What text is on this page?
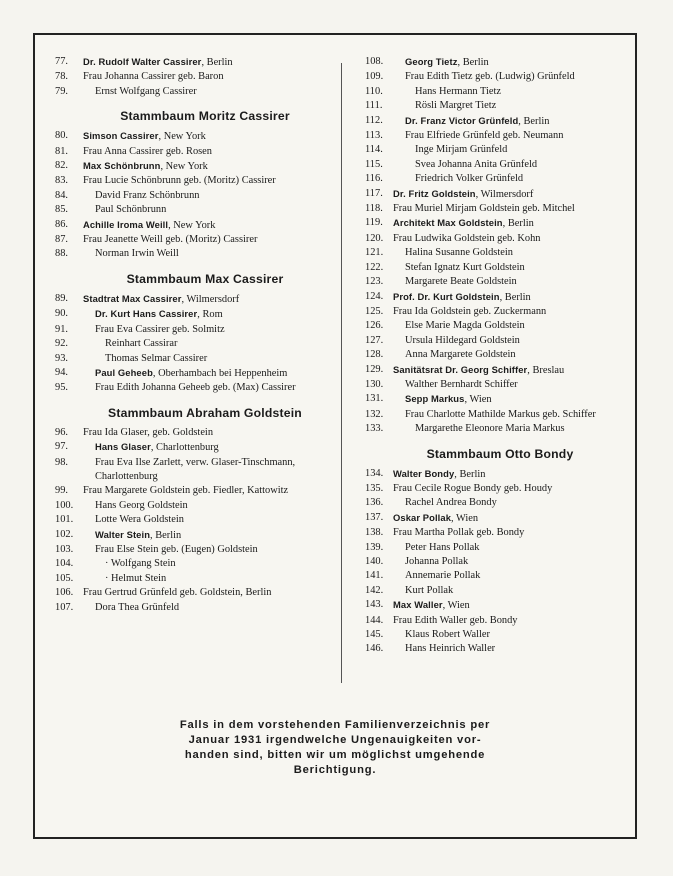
77.	Dr. Rudolf Walter Cassirer, Berlin
78.	Frau Johanna Cassirer geb. Baron
79.	Ernst Wolfgang Cassirer
Stammbaum Moritz Cassirer
80.	Simson Cassirer, New York
81.	Frau Anna Cassirer geb. Rosen
82.	Max Schönbrunn, New York
83.	Frau Lucie Schönbrunn geb. (Moritz) Cassirer
84.	David Franz Schönbrunn
85.	Paul Schönbrunn
86.	Achille Iroma Weill, New York
87.	Frau Jeanette Weill geb. (Moritz) Cassirer
88.	Norman Irwin Weill
Stammbaum Max Cassirer
89.	Stadtrat Max Cassirer, Wilmersdorf
90.	Dr. Kurt Hans Cassirer, Rom
91.	Frau Eva Cassirer geb. Solmitz
92.	Reinhart Cassirar
93.	Thomas Selmar Cassirer
94.	Paul Geheeb, Oberhambach bei Heppenheim
95.	Frau Edith Johanna Geheeb geb. (Max) Cassirer
Stammbaum Abraham Goldstein
96.	Frau Ida Glaser, geb. Goldstein
97.	Hans Glaser, Charlottenburg
98.	Frau Eva Ilse Zarlett, verw. Glaser-Tinschmann, Charlottenburg
99.	Frau Margarete Goldstein geb. Fiedler, Kattowitz
100.	Hans Georg Goldstein
101.	Lotte Wera Goldstein
102.	Walter Stein, Berlin
103.	Frau Else Stein geb. (Eugen) Goldstein
104.	· Wolfgang Stein
105.	· Helmut Stein
106. Frau Gertrud Grünfeld geb. Goldstein, Berlin
107.	Dora Thea Grünfeld
108.	Georg Tietz, Berlin
109.	Frau Edith Tietz geb. (Ludwig) Grünfeld
110.	Hans Hermann Tietz
111.	Rösli Margret Tietz
112.	Dr. Franz Victor Grünfeld, Berlin
113.	Frau Elfriede Grünfeld geb. Neumann
114.	Inge Mirjam Grünfeld
115.	Svea Johanna Anita Grünfeld
116.	Friedrich Volker Grünfeld
117.	Dr. Fritz Goldstein, Wilmersdorf
118. Frau Muriel Mirjam Goldstein geb. Mitchel
119.	Architekt Max Goldstein, Berlin
120. Frau Ludwika Goldstein geb. Kohn
121.	Halina Susanne Goldstein
122.	Stefan Ignatz Kurt Goldstein
123.	Margarete Beate Goldstein
124.	Prof. Dr. Kurt Goldstein, Berlin
125. Frau Ida Goldstein geb. Zuckermann
126.	Else Marie Magda Goldstein
127.	Ursula Hildegard Goldstein
128.	Anna Margarete Goldstein
129.	Sanitätsrat Dr. Georg Schiffer, Breslau
130.	Walther Bernhardt Schiffer
131.	Sepp Markus, Wien
132.	Frau Charlotte Mathilde Markus geb. Schiffer
133.	Margarethe Eleonore Maria Markus
Stammbaum Otto Bondy
134.	Walter Bondy, Berlin
135. Frau Cecile Rogue Bondy geb. Houdy
136.	Rachel Andrea Bondy
137.	Oskar Pollak, Wien
138. Frau Martha Pollak geb. Bondy
139.	Peter Hans Pollak
140.	Johanna Pollak
141.	Annemarie Pollak
142.	Kurt Pollak
143.	Max Waller, Wien
144. Frau Edith Waller geb. Bondy
145.	Klaus Robert Waller
146.	Hans Heinrich Waller
Falls in dem vorstehenden Familienverzeichnis per
Januar 1931 irgendwelche Ungenauigkeiten vor-
handen sind, bitten wir um möglichst umgehende
Berichtigung.
